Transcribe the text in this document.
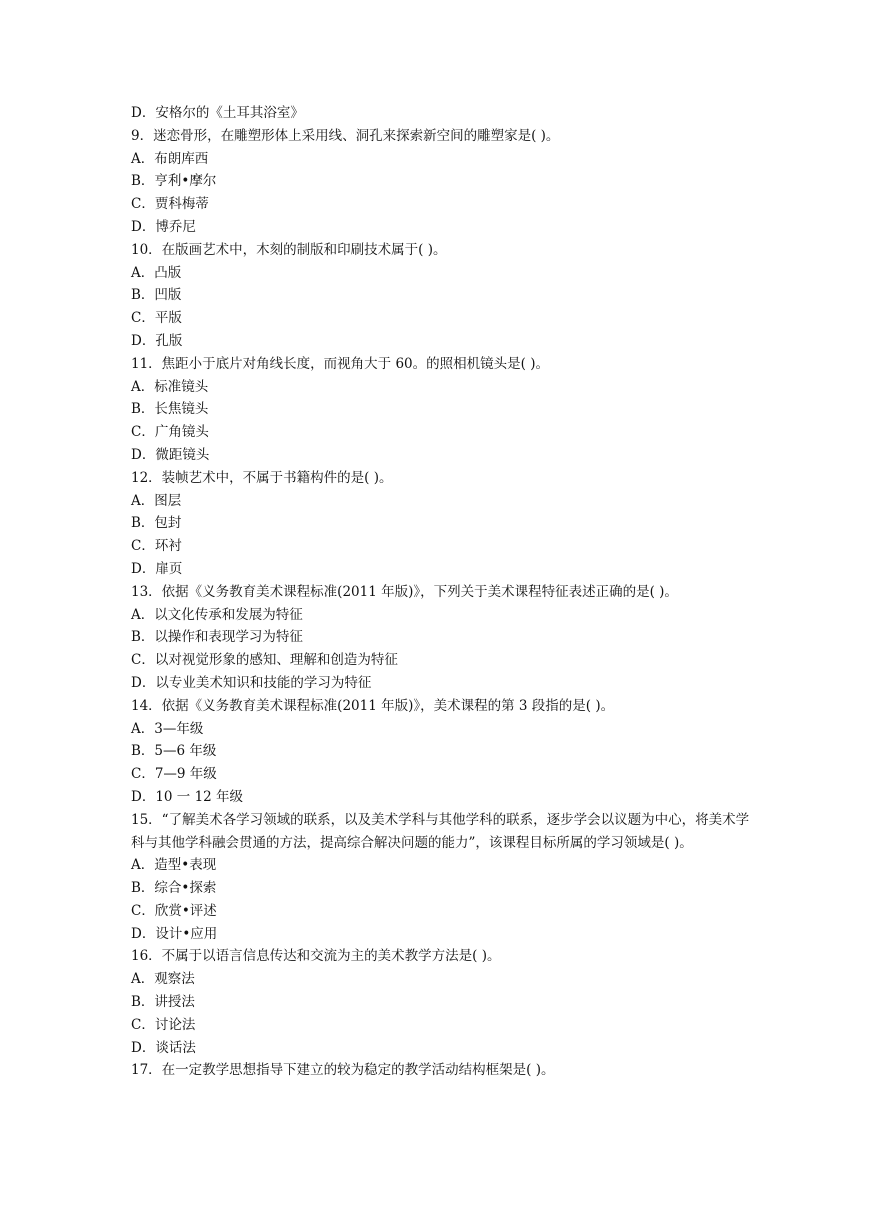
D．安格尔的《土耳其浴室》
9．迷恋骨形，在雕塑形体上采用线、洞孔来探索新空间的雕塑家是( )。
A．布朗库西
B．亨利•摩尔
C．贾科梅蒂
D．博乔尼
10．在版画艺术中，木刻的制版和印刷技术属于( )。
A．凸版
B．凹版
C．平版
D．孔版
11．焦距小于底片对角线长度，而视角大于 60。的照相机镜头是( )。
A．标准镜头
B．长焦镜头
C．广角镜头
D．微距镜头
12．装帧艺术中，不属于书籍构件的是( )。
A．图层
B．包封
C．环衬
D．扉页
13．依据《义务教育美术课程标准(2011 年版)》，下列关于美术课程特征表述正确的是( )。
A．以文化传承和发展为特征
B．以操作和表现学习为特征
C．以对视觉形象的感知、理解和创造为特征
D．以专业美术知识和技能的学习为特征
14．依据《义务教育美术课程标准(2011 年版)》，美术课程的第 3 段指的是( )。
A．3—年级
B．5—6 年级
C．7—9 年级
D．10 一 12 年级
15．“了解美术各学习领域的联系，以及美术学科与其他学科的联系，逐步学会以议题为中心，将美术学科与其他学科融会贯通的方法，提高综合解决问题的能力”，该课程目标所属的学习领域是( )。
A．造型•表现
B．综合•探索
C．欣赏•评述
D．设计•应用
16．不属于以语言信息传达和交流为主的美术教学方法是( )。
A．观察法
B．讲授法
C．讨论法
D．谈话法
17．在一定教学思想指导下建立的较为稳定的教学活动结构框架是( )。
